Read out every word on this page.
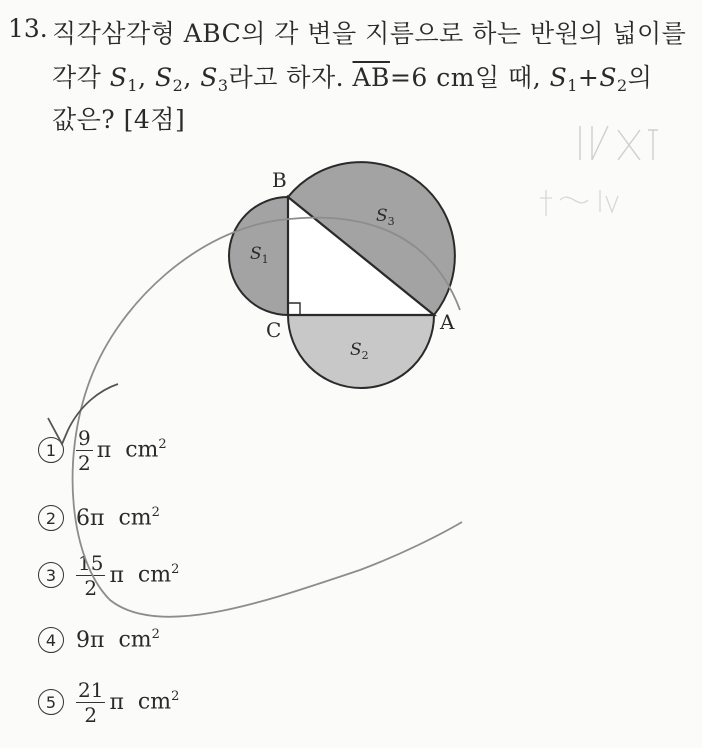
13. 직각삼각형 ABC의 각 변을 지름으로 하는 반원의 넓이를
각각 $S_1$, $S_2$, $S_3$라고 하자. $\overline{AB}=6$ cm일 때, $S_1+S_2$의
값은? [4점]
B
C	A
$S_1$
$S_2$
$S_3$
$1 \frac{9}{2}$ π $cm^2$
2 6π $cm^2$
$3 \frac{15}{2}$ π $cm^2$
4 9π $cm^2$
$5 \frac{21}{2}$ π $cm^2$
